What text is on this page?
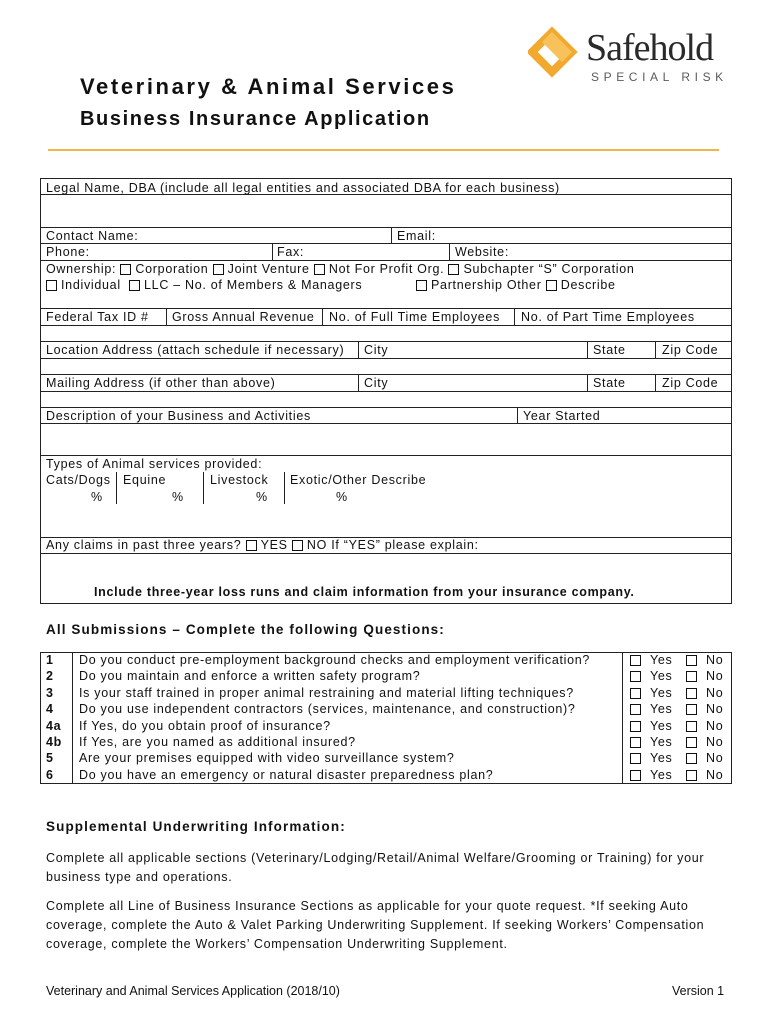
Safehold
SPECIAL RISK
Veterinary & Animal Services
Business Insurance Application
Legal Name, DBA (include all legal entities and associated DBA for each business)
Contact Name:	Email:
Phone:	Fax:	Website:
Ownership: Corporation Joint Venture Not For Profit Org. Subchapter “S” Corporation
Individual LLC – No. of Members & Managers	Partnership Other Describe
Federal Tax ID # Gross Annual Revenue No. of Full Time Employees No. of Part Time Employees
Location Address (attach schedule if necessary) City	State	Zip Code
Mailing Address (if other than above)	City	State	Zip Code
Description of your Business and Activities	Year Started
Types of Animal services provided:
Cats/Dogs Equine	Livestock Exotic/Other Describe
%	%	%	%
Any claims in past three years? YES NO If “YES” please explain:
Include three-year loss runs and claim information from your insurance company.
All Submissions – Complete the following Questions:
1 Do you conduct pre-employment background checks and employment verification?	Yes	No
2 Do you maintain and enforce a written safety program?	Yes	No
3 Is your staff trained in proper animal restraining and material lifting techniques?	Yes	No
4 Do you use independent contractors (services, maintenance, and construction)?	Yes	No
4a If Yes, do you obtain proof of insurance?	Yes	No
4b If Yes, are you named as additional insured?	Yes	No
5 Are your premises equipped with video surveillance system?	Yes	No
6 Do you have an emergency or natural disaster preparedness plan?	Yes	No
Supplemental Underwriting Information:
Complete all applicable sections (Veterinary/Lodging/Retail/Animal Welfare/Grooming or Training) for your business type and operations.
Complete all Line of Business Insurance Sections as applicable for your quote request. *If seeking Auto coverage, complete the Auto & Valet Parking Underwriting Supplement. If seeking Workers’ Compensation coverage, complete the Workers’ Compensation Underwriting Supplement.
Veterinary and Animal Services Application (2018/10)	Version 1
